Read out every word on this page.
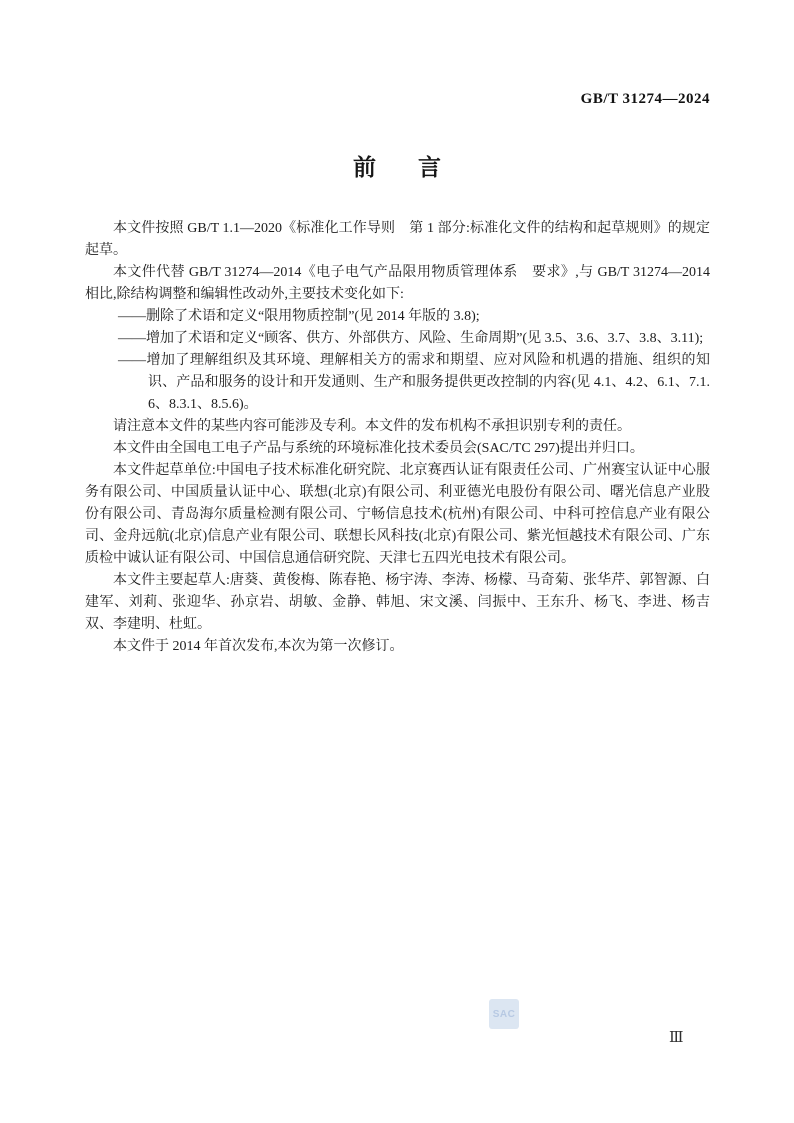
GB/T 31274—2024
前 言

本文件按照 GB/T 1.1—2020《标准化工作导则　第 1 部分:标准化文件的结构和起草规则》的规定起草。

本文件代替 GB/T 31274—2014《电子电气产品限用物质管理体系　要求》,与 GB/T 31274—2014 相比,除结构调整和编辑性改动外,主要技术变化如下:

——删除了术语和定义“限用物质控制”(见 2014 年版的 3.8);

——增加了术语和定义“顾客、供方、外部供方、风险、生命周期”(见 3.5、3.6、3.7、3.8、3.11);

——增加了理解组织及其环境、理解相关方的需求和期望、应对风险和机遇的措施、组织的知识、产品和服务的设计和开发通则、生产和服务提供更改控制的内容(见 4.1、4.2、6.1、7.1.6、8.3.1、8.5.6)。

请注意本文件的某些内容可能涉及专利。本文件的发布机构不承担识别专利的责任。

本文件由全国电工电子产品与系统的环境标准化技术委员会(SAC/TC 297)提出并归口。

本文件起草单位:中国电子技术标准化研究院、北京赛西认证有限责任公司、广州赛宝认证中心服务有限公司、中国质量认证中心、联想(北京)有限公司、利亚德光电股份有限公司、曙光信息产业股份有限公司、青岛海尔质量检测有限公司、宁畅信息技术(杭州)有限公司、中科可控信息产业有限公司、金舟远航(北京)信息产业有限公司、联想长风科技(北京)有限公司、紫光恒越技术有限公司、广东质检中诚认证有限公司、中国信息通信研究院、天津七五四光电技术有限公司。

本文件主要起草人:唐葵、黄俊梅、陈春艳、杨宇涛、李涛、杨檬、马奇菊、张华芹、郭智源、白建军、刘莉、张迎华、孙京岩、胡敏、金静、韩旭、宋文溪、闫振中、王东升、杨飞、李进、杨吉双、李建明、杜虹。

本文件于 2014 年首次发布,本次为第一次修订。

SAC
Ⅲ
